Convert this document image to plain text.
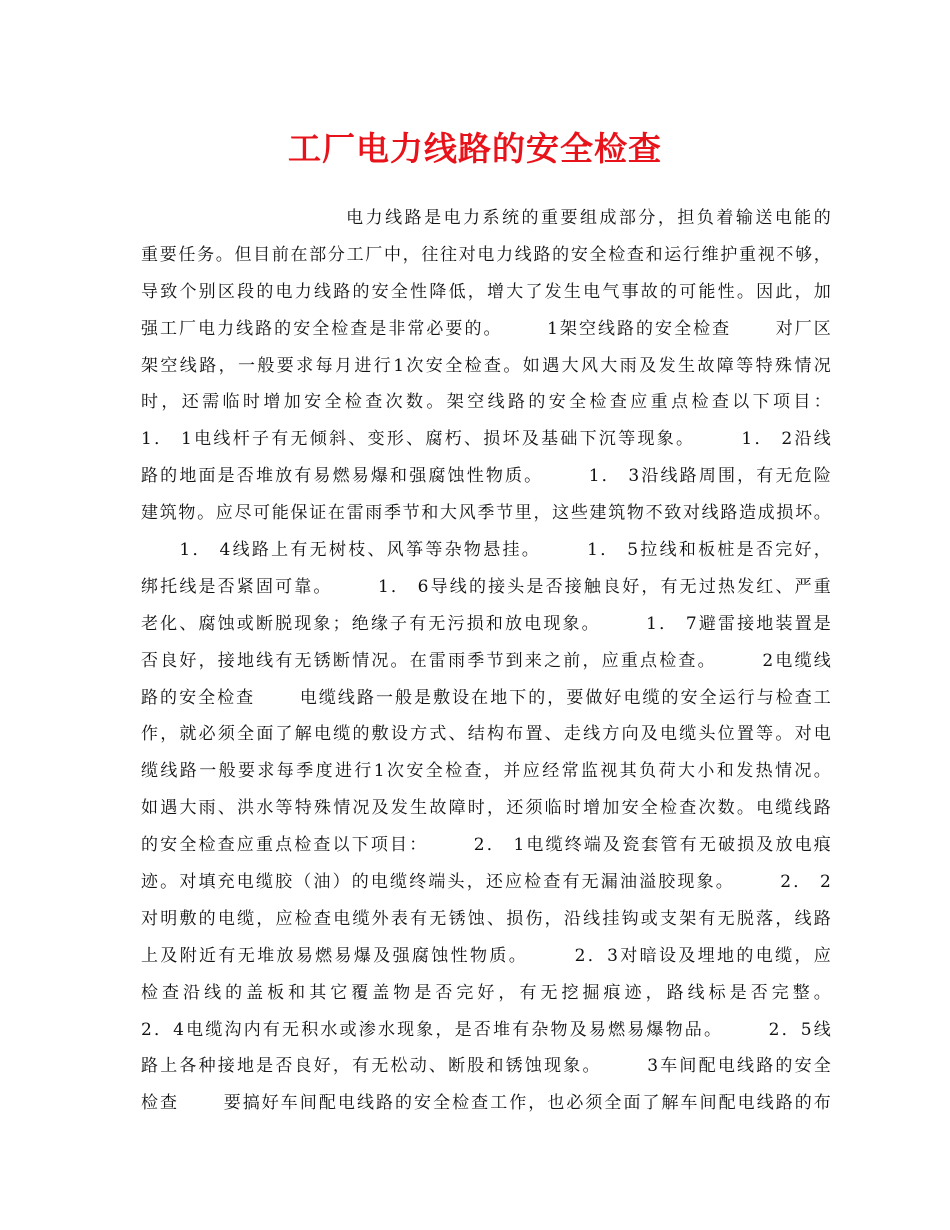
工厂电力线路的安全检查
电力线路是电力系统的重要组成部分，担负着输送电能的
重要任务。但目前在部分工厂中，往往对电力线路的安全检查和运行维护重视不够，
导致个别区段的电力线路的安全性降低，增大了发生电气事故的可能性。因此，加
强工厂电力线路的安全检查是非常必要的。      1架空线路的安全检查      对厂区
架空线路，一般要求每月进行1次安全检查。如遇大风大雨及发生故障等特殊情况
时，还需临时增加安全检查次数。架空线路的安全检查应重点检查以下项目：
1． 1电线杆子有无倾斜、变形、腐朽、损坏及基础下沉等现象。      1． 2沿线
路的地面是否堆放有易燃易爆和强腐蚀性物质。      1． 3沿线路周围，有无危险
建筑物。应尽可能保证在雷雨季节和大风季节里，这些建筑物不致对线路造成损坏。
1． 4线路上有无树枝、风筝等杂物悬挂。      1． 5拉线和板桩是否完好，
绑托线是否紧固可靠。      1． 6导线的接头是否接触良好，有无过热发红、严重
老化、腐蚀或断脱现象；绝缘子有无污损和放电现象。      1． 7避雷接地装置是
否良好，接地线有无锈断情况。在雷雨季节到来之前，应重点检查。      2电缆线
路的安全检查      电缆线路一般是敷设在地下的，要做好电缆的安全运行与检查工
作，就必须全面了解电缆的敷设方式、结构布置、走线方向及电缆头位置等。对电
缆线路一般要求每季度进行1次安全检查，并应经常监视其负荷大小和发热情况。
如遇大雨、洪水等特殊情况及发生故障时，还须临时增加安全检查次数。电缆线路
的安全检查应重点检查以下项目：      2． 1电缆终端及瓷套管有无破损及放电痕
迹。对填充电缆胶（油）的电缆终端头，还应检查有无漏油溢胶现象。      2． 2
对明敷的电缆，应检查电缆外表有无锈蚀、损伤，沿线挂钩或支架有无脱落，线路
上及附近有无堆放易燃易爆及强腐蚀性物质。      2．3对暗设及埋地的电缆，应
检查沿线的盖板和其它覆盖物是否完好，有无挖掘痕迹，路线标是否完整。
2．4电缆沟内有无积水或渗水现象，是否堆有杂物及易燃易爆物品。      2．5线
路上各种接地是否良好，有无松动、断股和锈蚀现象。      3车间配电线路的安全
检查      要搞好车间配电线路的安全检查工作，也必须全面了解车间配电线路的布
